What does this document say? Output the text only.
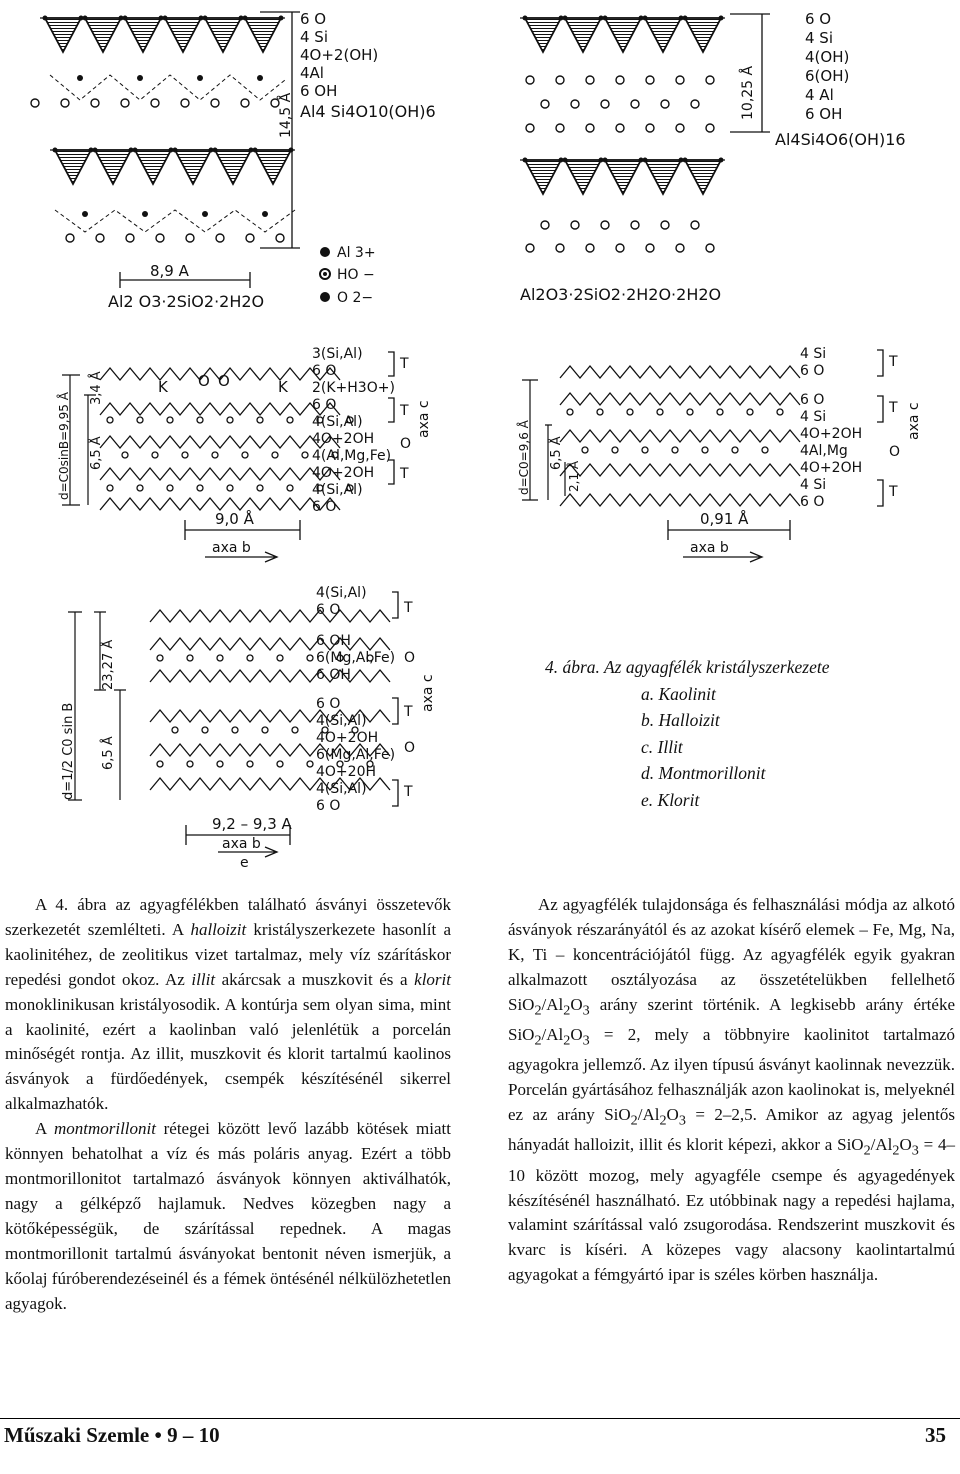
14,5 Å
8,9 A
Al2 O3·2SiO2·2H2O
6 O
4 Si
4O+2(OH)
4Al
6 OH
Al4 Si4O10(OH)6
Al 3+
HO −
O 2−
10,25 Å
Al2O3·2SiO2·2H2O·2H2O
6 O
4 Si
4(OH)
6(OH)
4 Al
6 OH
Al4Si4O6(OH)16
K O O	K
d=C0sinB=9,95 Å 6,5 Å
3,4 Å
9,0 Å
axa b
3(Si,Al)
6 O
2(K+H3O+)
6 O
4(Si,Al)
4O+2OH
4(Al,Mg,Fe)
4O+2OH
4(Si,Al)
6 O
T
T
O
T
axa c
d=C0=9,6 Å 6,5 Å
2,1 Å
0,91 Å
axa b
4 Si
6 O
6 O
4 Si
4O+2OH
4Al,Mg
4O+2OH
4 Si
6 O
T
T
O
T
axa c
d=1/2 C0 sin B
23,27 Å
6,5 Å
9,2 – 9,3 A
axa b
e
4(Si,Al)
6 O
6 OH
6(Mg,Al,Fe)
6 OH
6 O
4(Si,Al)
4O+2OH
6(Mg,Al,Fe)
4O+20H
4(Si,Al)
6 O
T
O
T
O
T
axa c
4. ábra. Az agyagfélék kristályszerkezete
a. Kaolinit
b. Halloizit
c. Illit
d. Montmorillonit
e. Klorit

A 4. ábra az agyagfélékben található ásványi összetevők szerkezetét szemlélteti. A halloizit kristályszerkezete hasonlít a kaolinitéhez, de zeolitikus vizet tartalmaz, mely víz szárításkor repedési gondot okoz. Az illit akárcsak a muszkovit és a klorit monoklinikusan kristályosodik. A kontúrja sem olyan sima, mint a kaolinité, ezért a kaolinban való jelenlétük a porcelán minőségét rontja. Az illit, muszkovit és klorit tartalmú kaolinos ásványok a fürdőedények, csempék készítésénél sikerrel alkalmazhatók.

A montmorillonit rétegei között levő lazább kötések miatt könnyen behatolhat a víz és más poláris anyag. Ezért a több montmorillonitot tartalmazó ásványok könnyen aktiválhatók, nagy a gélképző hajlamuk. Nedves közegben nagy a kötőképességük, de szárítással repednek. A magas montmorillonit tartalmú ásványokat bentonit néven ismerjük, a kőolaj fúróberendezéseinél és a fémek öntésénél nélkülözhetetlen agyagok.

Az agyagfélék tulajdonsága és felhasználási módja az alkotó ásványok részarányától és az azokat kísérő elemek – Fe, Mg, Na, K, Ti – koncentrációjától függ. Az agyagfélék egyik gyakran alkalmazott osztályozása az összetételükben fellelhető $SiO_2/Al_2O_3$ arány szerint történik. A legkisebb arány értéke $SiO_2/Al_2O_3 = 2$, mely a többnyire kaolinitot tartalmazó agyagokra jellemző. Az ilyen típusú ásványt kaolinnak nevezzük. Porcelán gyártásához felhasználják azon kaolinokat is, melyeknél ez az arány $SiO_2/Al_2O_3 = 2-2,5$. Amikor az agyag jelentős hányadát halloizit, illit és klorit képezi, akkor a $SiO_2/Al_2O_3 = 4-10$ között mozog, mely agyagféle csempe és agyagedények készítésénél használható. Ez utóbbinak nagy a repedési hajlama, valamint szárítással való zsugorodása. Rendszerint muszkovit és kvarc is kíséri. A közepes vagy alacsony kaolintartalmú agyagokat a fémgyártó ipar is széles körben használja.

Műszaki Szemle • 9 – 10	35
